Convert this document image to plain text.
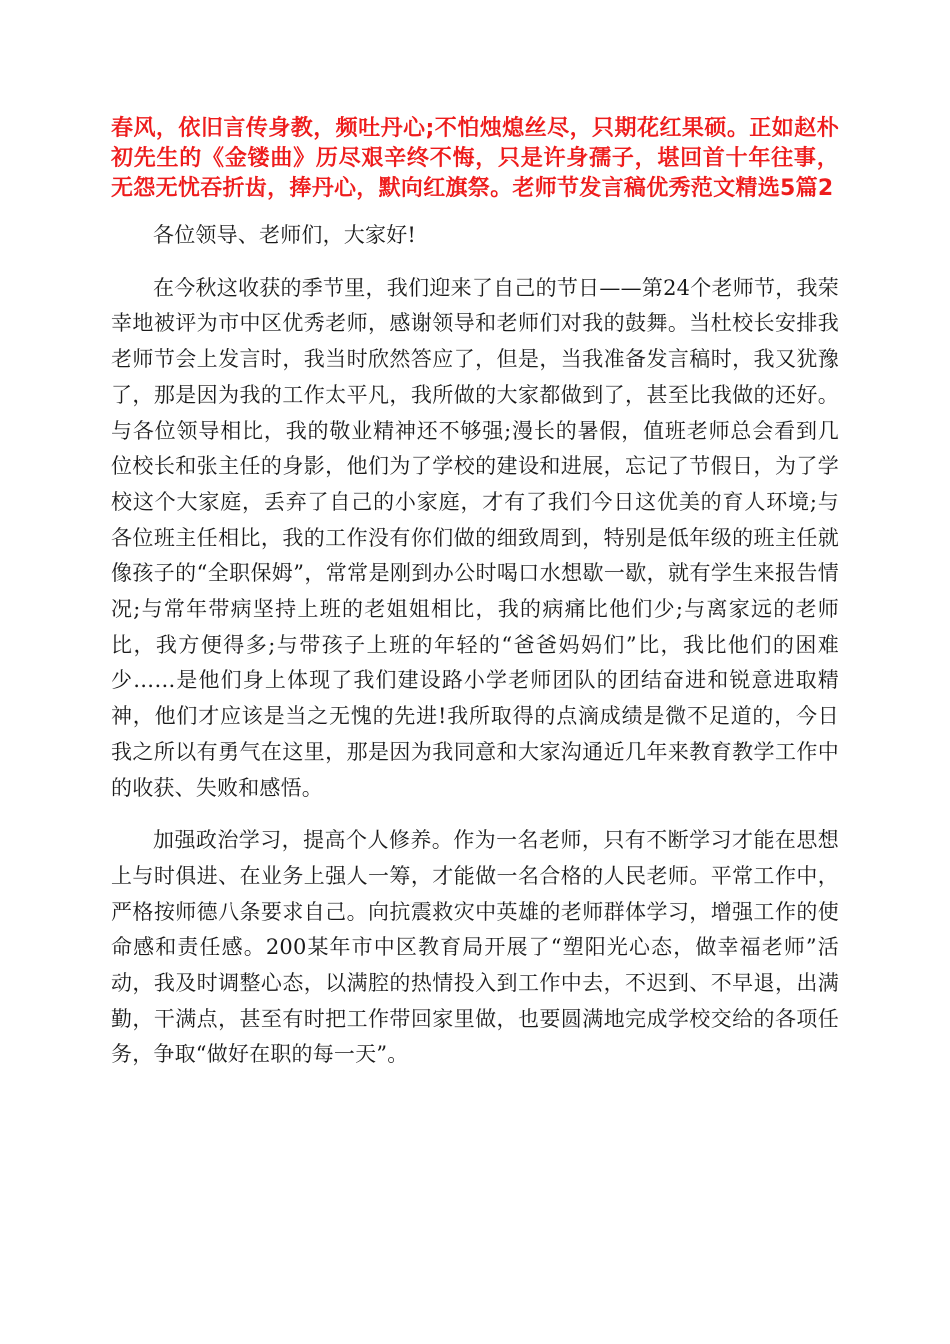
春风，依旧言传身教，频吐丹心;不怕烛熄丝尽，只期花红果硕。正如赵朴初先生的《金镂曲》历尽艰辛终不悔，只是许身孺子，堪回首十年往事，无怨无忧吞折齿，捧丹心，默向红旗祭。老师节发言稿优秀范文精选5篇2

各位领导、老师们，大家好!

在今秋这收获的季节里，我们迎来了自己的节日——第24个老师节，我荣幸地被评为市中区优秀老师，感谢领导和老师们对我的鼓舞。当杜校长安排我老师节会上发言时，我当时欣然答应了，但是，当我准备发言稿时，我又犹豫了，那是因为我的工作太平凡，我所做的大家都做到了，甚至比我做的还好。与各位领导相比，我的敬业精神还不够强;漫长的暑假，值班老师总会看到几位校长和张主任的身影，他们为了学校的建设和进展，忘记了节假日，为了学校这个大家庭，丢弃了自己的小家庭，才有了我们今日这优美的育人环境;与各位班主任相比，我的工作没有你们做的细致周到，特别是低年级的班主任就像孩子的“全职保姆”，常常是刚到办公时喝口水想歇一歇，就有学生来报告情况;与常年带病坚持上班的老姐姐相比，我的病痛比他们少;与离家远的老师比，我方便得多;与带孩子上班的年轻的“爸爸妈妈们”比，我比他们的困难少……是他们身上体现了我们建设路小学老师团队的团结奋进和锐意进取精神，他们才应该是当之无愧的先进!我所取得的点滴成绩是微不足道的，今日我之所以有勇气在这里，那是因为我同意和大家沟通近几年来教育教学工作中的收获、失败和感悟。

加强政治学习，提高个人修养。作为一名老师，只有不断学习才能在思想上与时俱进、在业务上强人一筹，才能做一名合格的人民老师。平常工作中，严格按师德八条要求自己。向抗震救灾中英雄的老师群体学习，增强工作的使命感和责任感。200某年市中区教育局开展了“塑阳光心态，做幸福老师”活动，我及时调整心态，以满腔的热情投入到工作中去，不迟到、不早退，出满勤，干满点，甚至有时把工作带回家里做，也要圆满地完成学校交给的各项任务，争取“做好在职的每一天”。
